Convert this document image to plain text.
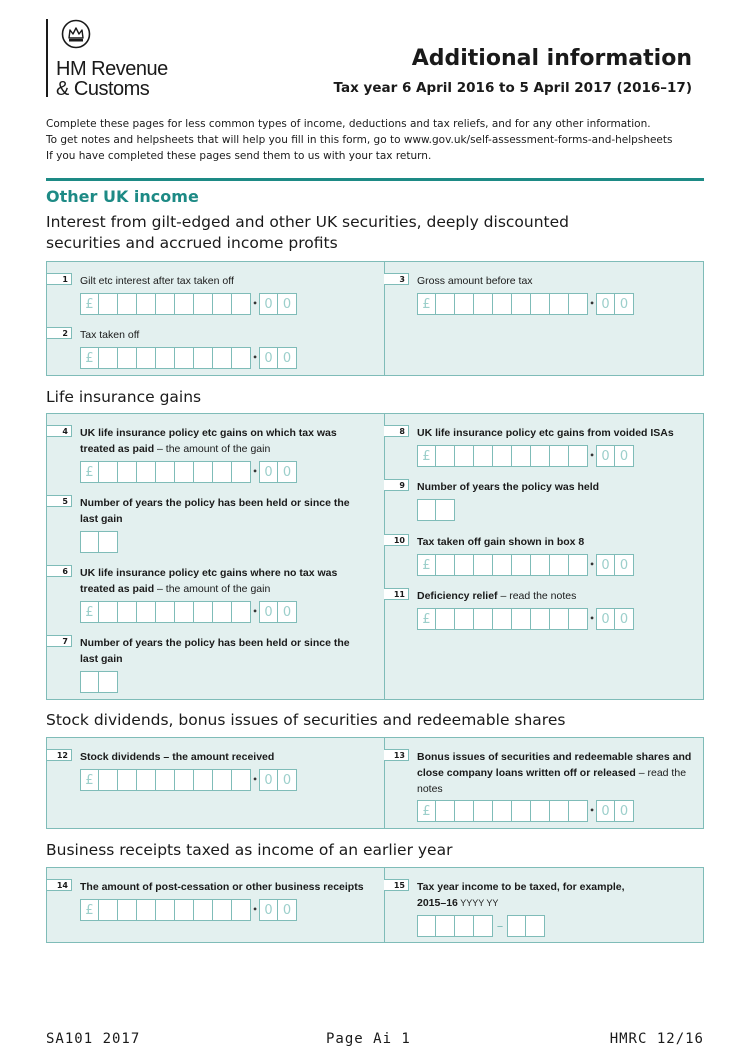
HM Revenue
& Customs
Additional information
Tax year 6 April 2016 to 5 April 2017 (2016–17)
Complete these pages for less common types of income, deductions and tax reliefs, and for any other information.
To get notes and helpsheets that will help you fill in this form, go to www.gov.uk/self-assessment-forms-and-helpsheets
If you have completed these pages send them to us with your tax return.
Other UK income
Interest from gilt-edged and other UK securities, deeply discounted securities and accrued income profits
1	Gilt etc interest after tax taken off
£	• 0 0
2	Tax taken off
£	• 0 0
3	Gross amount before tax
£	• 0 0
Life insurance gains
4	UK life insurance policy etc gains on which tax was treated as paid – the amount of the gain
£	• 0 0
5	Number of years the policy has been held or since the last gain
6	UK life insurance policy etc gains where no tax was treated as paid – the amount of the gain
£	• 0 0
7	Number of years the policy has been held or since the last gain
8	UK life insurance policy etc gains from voided ISAs
£	• 0 0
9	Number of years the policy was held
10	Tax taken off gain shown in box 8
£	• 0 0
11	Deficiency relief – read the notes
£	• 0 0
Stock dividends, bonus issues of securities and redeemable shares
12	Stock dividends – the amount received
£	• 0 0
13	Bonus issues of securities and redeemable shares and close company loans written off or released – read the notes
£	• 0 0
Business receipts taxed as income of an earlier year
14	The amount of post-cessation or other business receipts
£	• 0 0
15	Tax year income to be taxed, for example, 2015–16 YYYY YY
–
SA101 2017	Page Ai 1	HMRC 12/16
